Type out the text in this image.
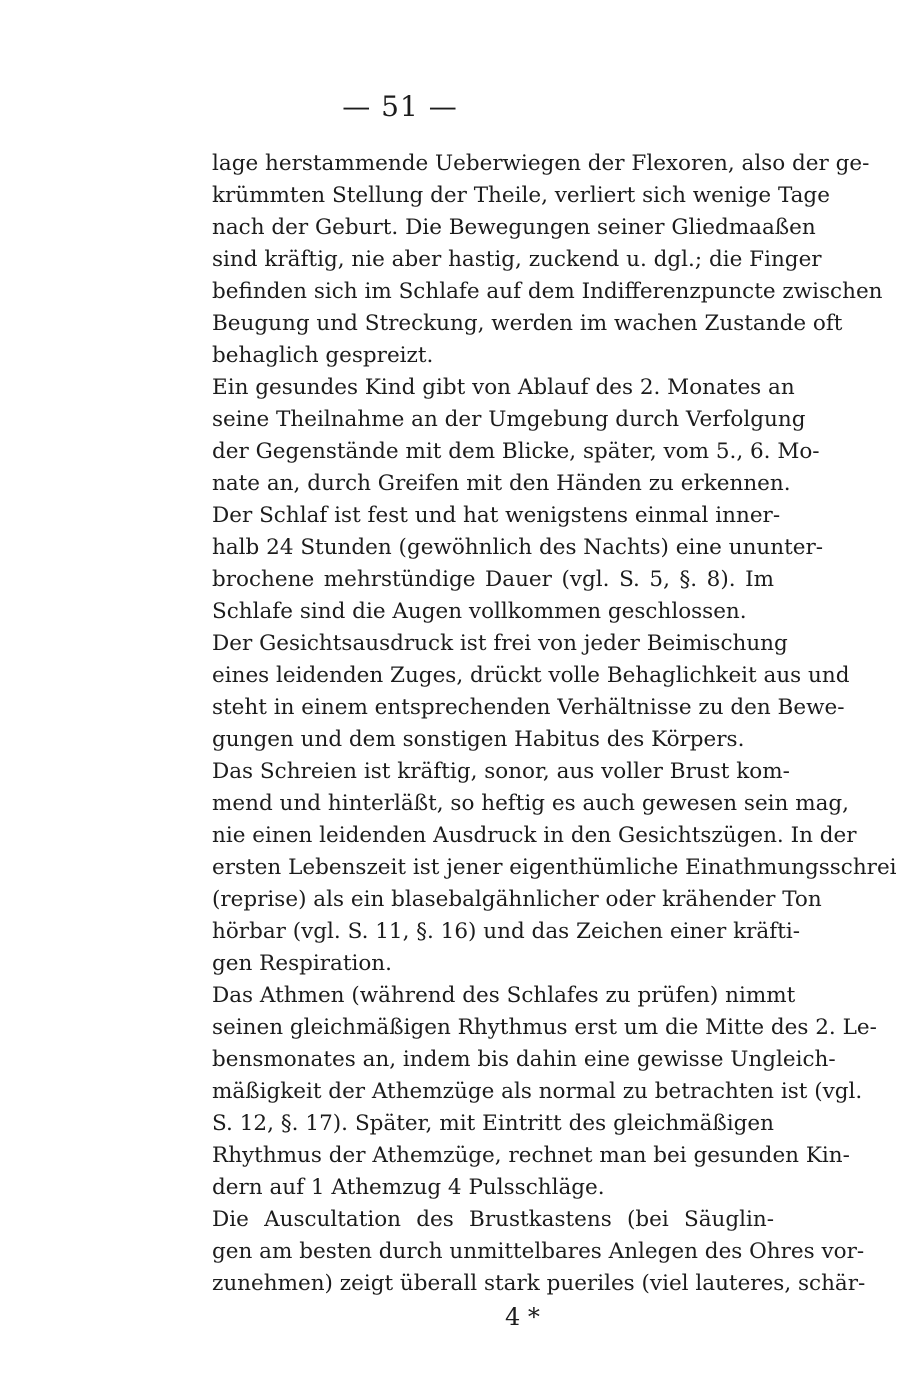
— 51 —
lage herstammende Ueberwiegen der Flexoren, also der ge-
krümmten Stellung der Theile, verliert sich wenige Tage
nach der Geburt. Die Bewegungen seiner Gliedmaaßen
sind kräftig, nie aber hastig, zuckend u. dgl.; die Finger
befinden sich im Schlafe auf dem Indifferenzpuncte zwischen
Beugung und Streckung, werden im wachen Zustande oft
behaglich gespreizt.
Ein gesundes Kind gibt von Ablauf des 2. Monates an
seine Theilnahme an der Umgebung durch Verfolgung
der Gegenstände mit dem Blicke, später, vom 5., 6. Mo-
nate an, durch Greifen mit den Händen zu erkennen.
Der Schlaf ist fest und hat wenigstens einmal inner-
halb 24 Stunden (gewöhnlich des Nachts) eine ununter-
brochene mehrstündige Dauer (vgl. S. 5, §. 8). Im
Schlafe sind die Augen vollkommen geschlossen.
Der Gesichtsausdruck ist frei von jeder Beimischung
eines leidenden Zuges, drückt volle Behaglichkeit aus und
steht in einem entsprechenden Verhältnisse zu den Bewe-
gungen und dem sonstigen Habitus des Körpers.
Das Schreien ist kräftig, sonor, aus voller Brust kom-
mend und hinterläßt, so heftig es auch gewesen sein mag,
nie einen leidenden Ausdruck in den Gesichtszügen. In der
ersten Lebenszeit ist jener eigenthümliche Einathmungsschrei
(reprise) als ein blasebalgähnlicher oder krähender Ton
hörbar (vgl. S. 11, §. 16) und das Zeichen einer kräfti-
gen Respiration.
Das Athmen (während des Schlafes zu prüfen) nimmt
seinen gleichmäßigen Rhythmus erst um die Mitte des 2. Le-
bensmonates an, indem bis dahin eine gewisse Ungleich-
mäßigkeit der Athemzüge als normal zu betrachten ist (vgl.
S. 12, §. 17). Später, mit Eintritt des gleichmäßigen
Rhythmus der Athemzüge, rechnet man bei gesunden Kin-
dern auf 1 Athemzug 4 Pulsschläge.
Die Auscultation des Brustkastens (bei Säuglin-
gen am besten durch unmittelbares Anlegen des Ohres vor-
zunehmen) zeigt überall stark pueriles (viel lauteres, schär-
4 *
